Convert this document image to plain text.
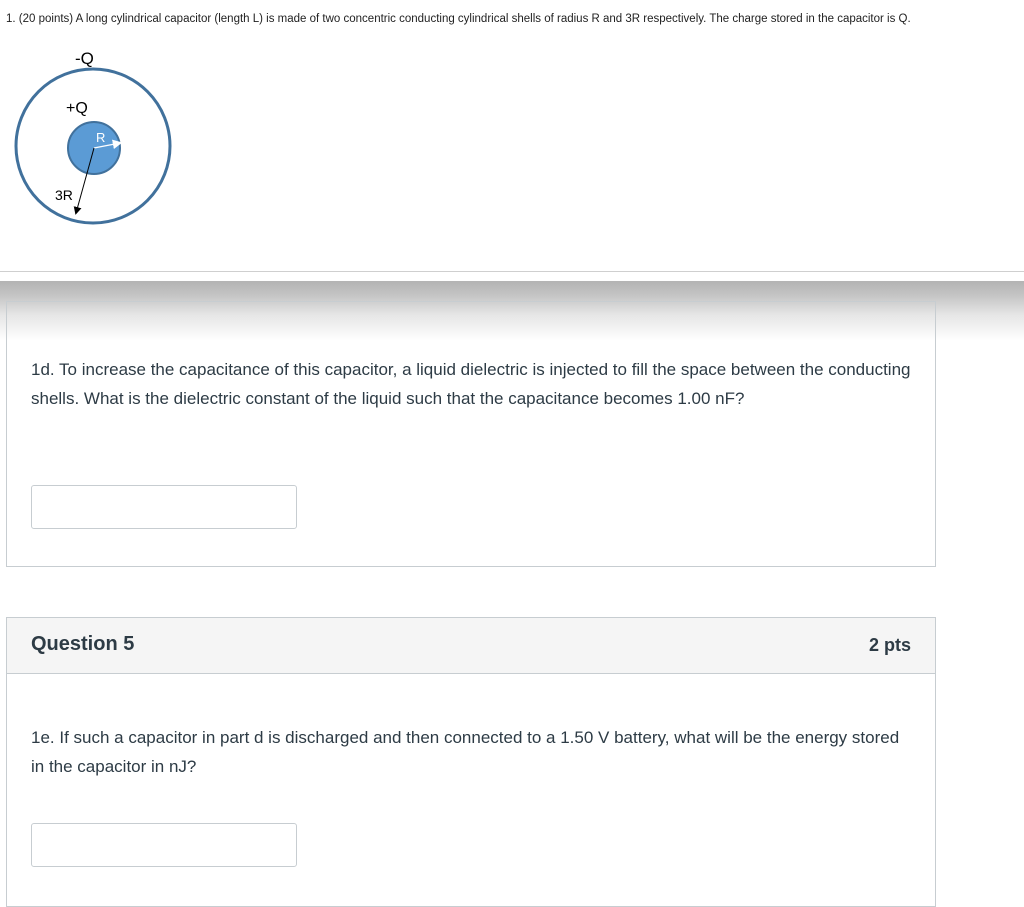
1. (20 points) A long cylindrical capacitor (length L) is made of two concentric conducting cylindrical shells of radius R and 3R respectively. The charge stored in the capacitor is Q.
-Q
+Q
R
3R
1d. To increase the capacitance of this capacitor, a liquid dielectric is injected to fill the space between the conducting shells. What is the dielectric constant of the liquid such that the capacitance becomes 1.00 nF?
Question 5	2 pts
1e. If such a capacitor in part d is discharged and then connected to a 1.50 V battery, what will be the energy stored in the capacitor in nJ?
